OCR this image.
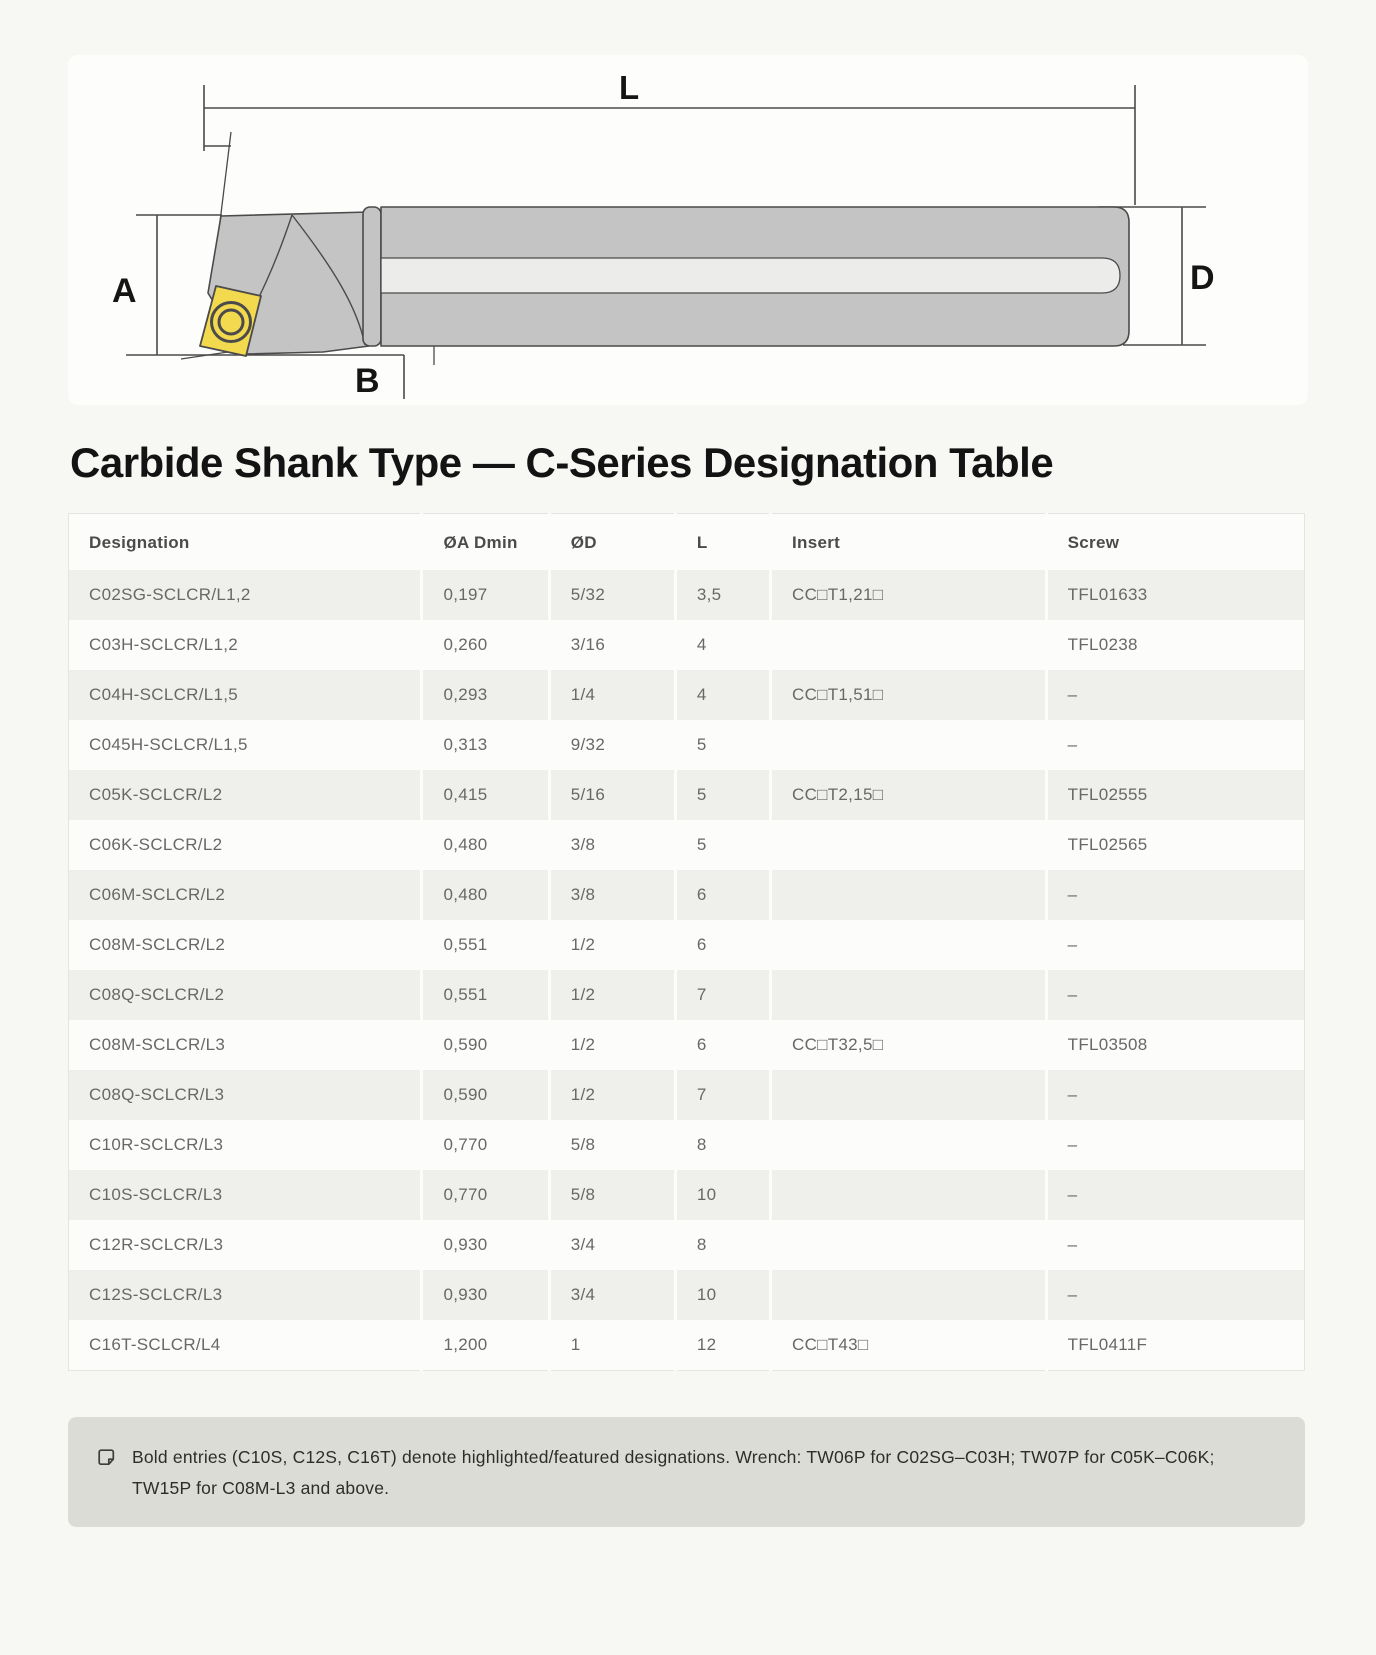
L
A
B
D
Carbide Shank Type — C-Series Designation Table
Designation	ØA Dmin	ØD	L	Insert	Screw
C02SG-SCLCR/L1,2	0,197	5/32	3,5	CC□T1,21□	TFL01633
C03H-SCLCR/L1,2	0,260	3/16	4		TFL0238
C04H-SCLCR/L1,5	0,293	1/4	4	CC□T1,51□	–
C045H-SCLCR/L1,5	0,313	9/32	5		–
C05K-SCLCR/L2	0,415	5/16	5	CC□T2,15□	TFL02555
C06K-SCLCR/L2	0,480	3/8	5		TFL02565
C06M-SCLCR/L2	0,480	3/8	6		–
C08M-SCLCR/L2	0,551	1/2	6		–
C08Q-SCLCR/L2	0,551	1/2	7		–
C08M-SCLCR/L3	0,590	1/2	6	CC□T32,5□	TFL03508
C08Q-SCLCR/L3	0,590	1/2	7		–
C10R-SCLCR/L3	0,770	5/8	8		–
C10S-SCLCR/L3	0,770	5/8	10		–
C12R-SCLCR/L3	0,930	3/4	8		–
C12S-SCLCR/L3	0,930	3/4	10		–
C16T-SCLCR/L4	1,200	1	12	CC□T43□	TFL0411F

Bold entries (C10S, C12S, C16T) denote highlighted/featured designations. Wrench: TW06P for C02SG–C03H; TW07P for C05K–C06K; TW15P for C08M-L3 and above.
